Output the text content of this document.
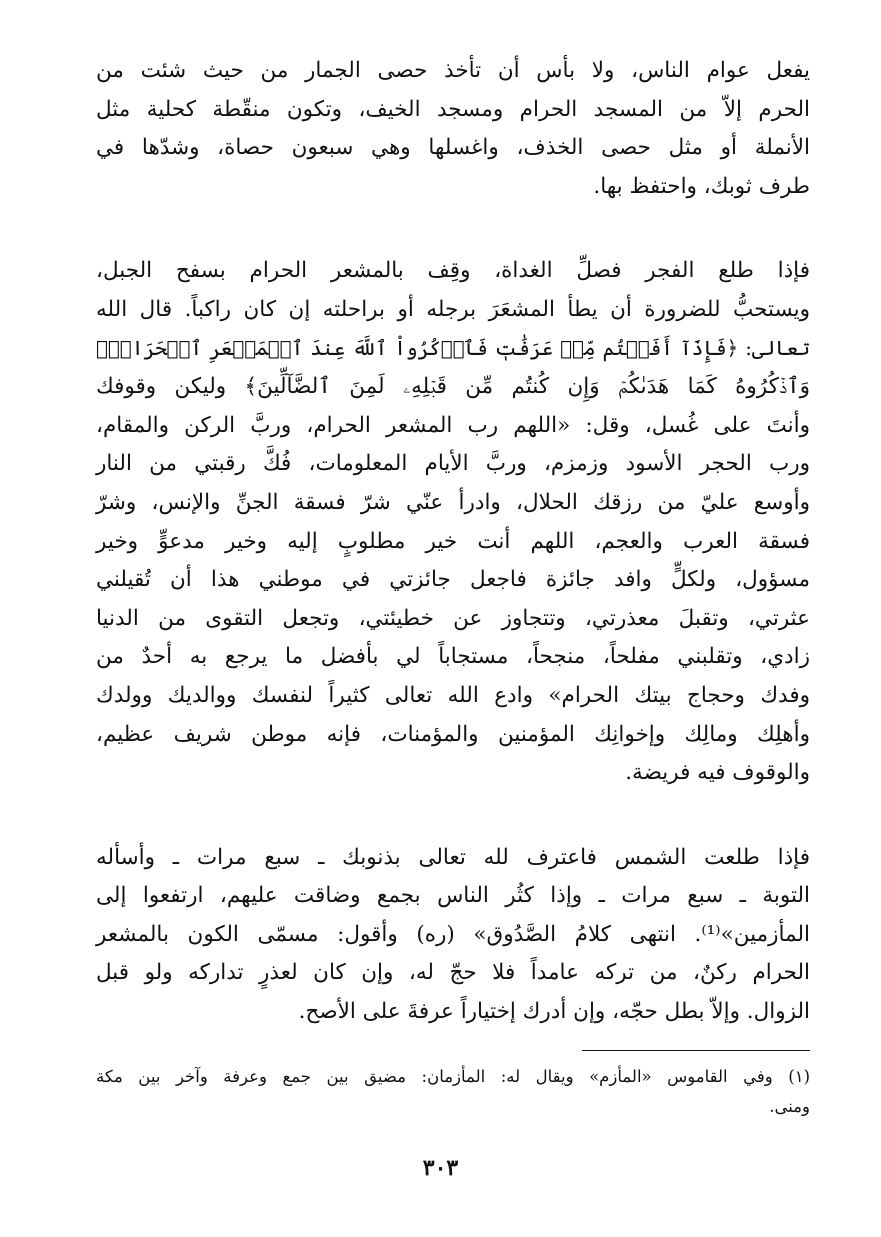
يفعل عوام الناس، ولا بأس أن تأخذ حصى الجمار من حيث شئت من
الحرم إلاّ من المسجد الحرام ومسجد الخيف، وتكون منقّطة كحلية مثل
الأنملة أو مثل حصى الخذف، واغسلها وهي سبعون حصاة، وشدّها في
طرف ثوبك، واحتفظ بها.
فإذا طلع الفجر فصلِّ الغداة، وقِف بالمشعر الحرام بسفح الجبل،
ويستحبُّ للضرورة أن يطأ المشعَرَ برجله أو براحلته إن كان راكباً. قال الله
تعالى: ﴿فَإِذَآ أَفَضۡتُم مِّنۡ عَرَفَٰتٖ فَٱذۡكُرُواْ ٱللَّهَ عِندَ ٱلۡمَشۡعَرِ ٱلۡحَرَامِۖ
وَٱذۡكُرُوهُ كَمَا هَدَىٰكُمۡ وَإِن كُنتُم مِّن قَبۡلِهِۦ لَمِنَ ٱلضَّآلِّينَ﴾ وليكن وقوفك
وأنتَ على غُسل، وقل: «اللهم رب المشعر الحرام، وربَّ الركن والمقام،
ورب الحجر الأسود وزمزم، وربَّ الأيام المعلومات، فُكَّ رقبتي من النار
وأوسع عليّ من رزقك الحلال، وادرأ عنّي شرّ فسقة الجنِّ والإنس، وشرّ
فسقة العرب والعجم، اللهم أنت خير مطلوبٍ إليه وخير مدعوٍّ وخير
مسؤول، ولكلٍّ وافد جائزة فاجعل جائزتي في موطني هذا أن تُقيلني
عثرتي، وتقبلَ معذرتي، وتتجاوز عن خطيئتي، وتجعل التقوى من الدنيا
زادي، وتقلبني مفلحاً، منجحاً، مستجاباً لي بأفضل ما يرجع به أحدٌ من
وفدك وحجاج بيتك الحرام» وادع الله تعالى كثيراً لنفسك ووالديك وولدك
وأهلِك ومالِك وإخوانِك المؤمنين والمؤمنات، فإنه موطن شريف عظيم،
والوقوف فيه فريضة.
فإذا طلعت الشمس فاعترف لله تعالى بذنوبك ـ سبع مرات ـ وأسأله
التوبة ـ سبع مرات ـ وإذا كثُر الناس بجمع وضاقت عليهم، ارتفعوا إلى
المأزمين»⁽¹⁾. انتهى كلامُ الصَّدُوق» (ره) وأقول: مسمّى الكون بالمشعر
الحرام ركنٌ، من تركه عامداً فلا حجّ له، وإن كان لعذرٍ تداركه ولو قبل
الزوال. وإلاّ بطل حجّه، وإن أدرك إختياراً عرفةَ على الأصح.
(١) وفي القاموس «المأزم» ويقال له: المأزمان: مضيق بين جمع وعرفة وآخر بين مكة
ومنى.
٣٠٣
